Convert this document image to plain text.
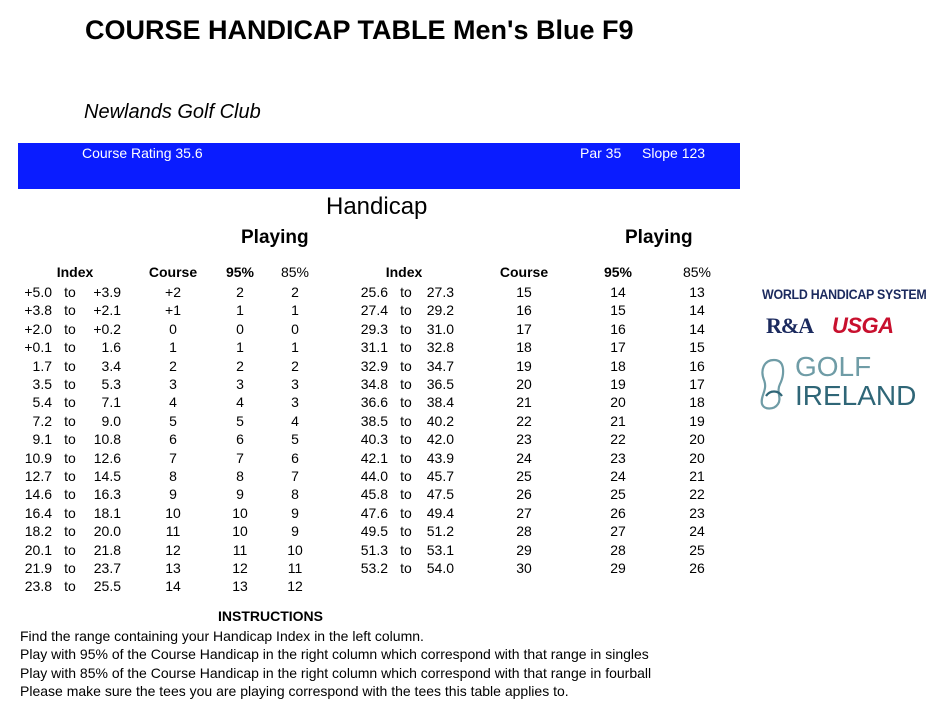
COURSE HANDICAP TABLE Men's Blue F9
Newlands Golf Club
Course Rating 35.6	Par 35 Slope 123
Handicap
Playing	Playing
Index	Course 95% 85%
+5.0 to +3.9	+2	2	2
+3.8 to +2.1	+1	1	1
+2.0 to +0.2	0	0	0
+0.1 to 1.6	1	1	1
1.7 to 3.4	2	2	2
3.5 to 5.3	3	3	3
5.4 to 7.1	4	4	3
7.2 to 9.0	5	5	4
9.1 to 10.8	6	6	5
10.9 to 12.6	7	7	6
12.7 to 14.5	8	8	7
14.6 to 16.3	9	9	8
16.4 to 18.1	10	10	9
18.2 to 20.0	11	10	9
20.1 to 21.8	12	11	10
21.9 to 23.7	13	12	11
23.8 to 25.5	14	13	12
Index	Course	95%	85%
25.6 to 27.3	15	14	13
27.4 to 29.2	16	15	14
29.3 to 31.0	17	16	14
31.1 to 32.8	18	17	15
32.9 to 34.7	19	18	16
34.8 to 36.5	20	19	17
36.6 to 38.4	21	20	18
38.5 to 40.2	22	21	19
40.3 to 42.0	23	22	20
42.1 to 43.9	24	23	20
44.0 to 45.7	25	24	21
45.8 to 47.5	26	25	22
47.6 to 49.4	27	26	23
49.5 to 51.2	28	27	24
51.3 to 53.1	29	28	25
53.2 to 54.0	30	29	26
INSTRUCTIONS
Find the range containing your Handicap Index in the left column.
Play with 95% of the Course Handicap in the right column which correspond with that range in singles
Play with 85% of the Course Handicap in the right column which correspond with that range in fourball
Please make sure the tees you are playing correspond with the tees this table applies to.
WORLD HANDICAP SYSTEM
R&A USGA
GOLF
IRELAND
